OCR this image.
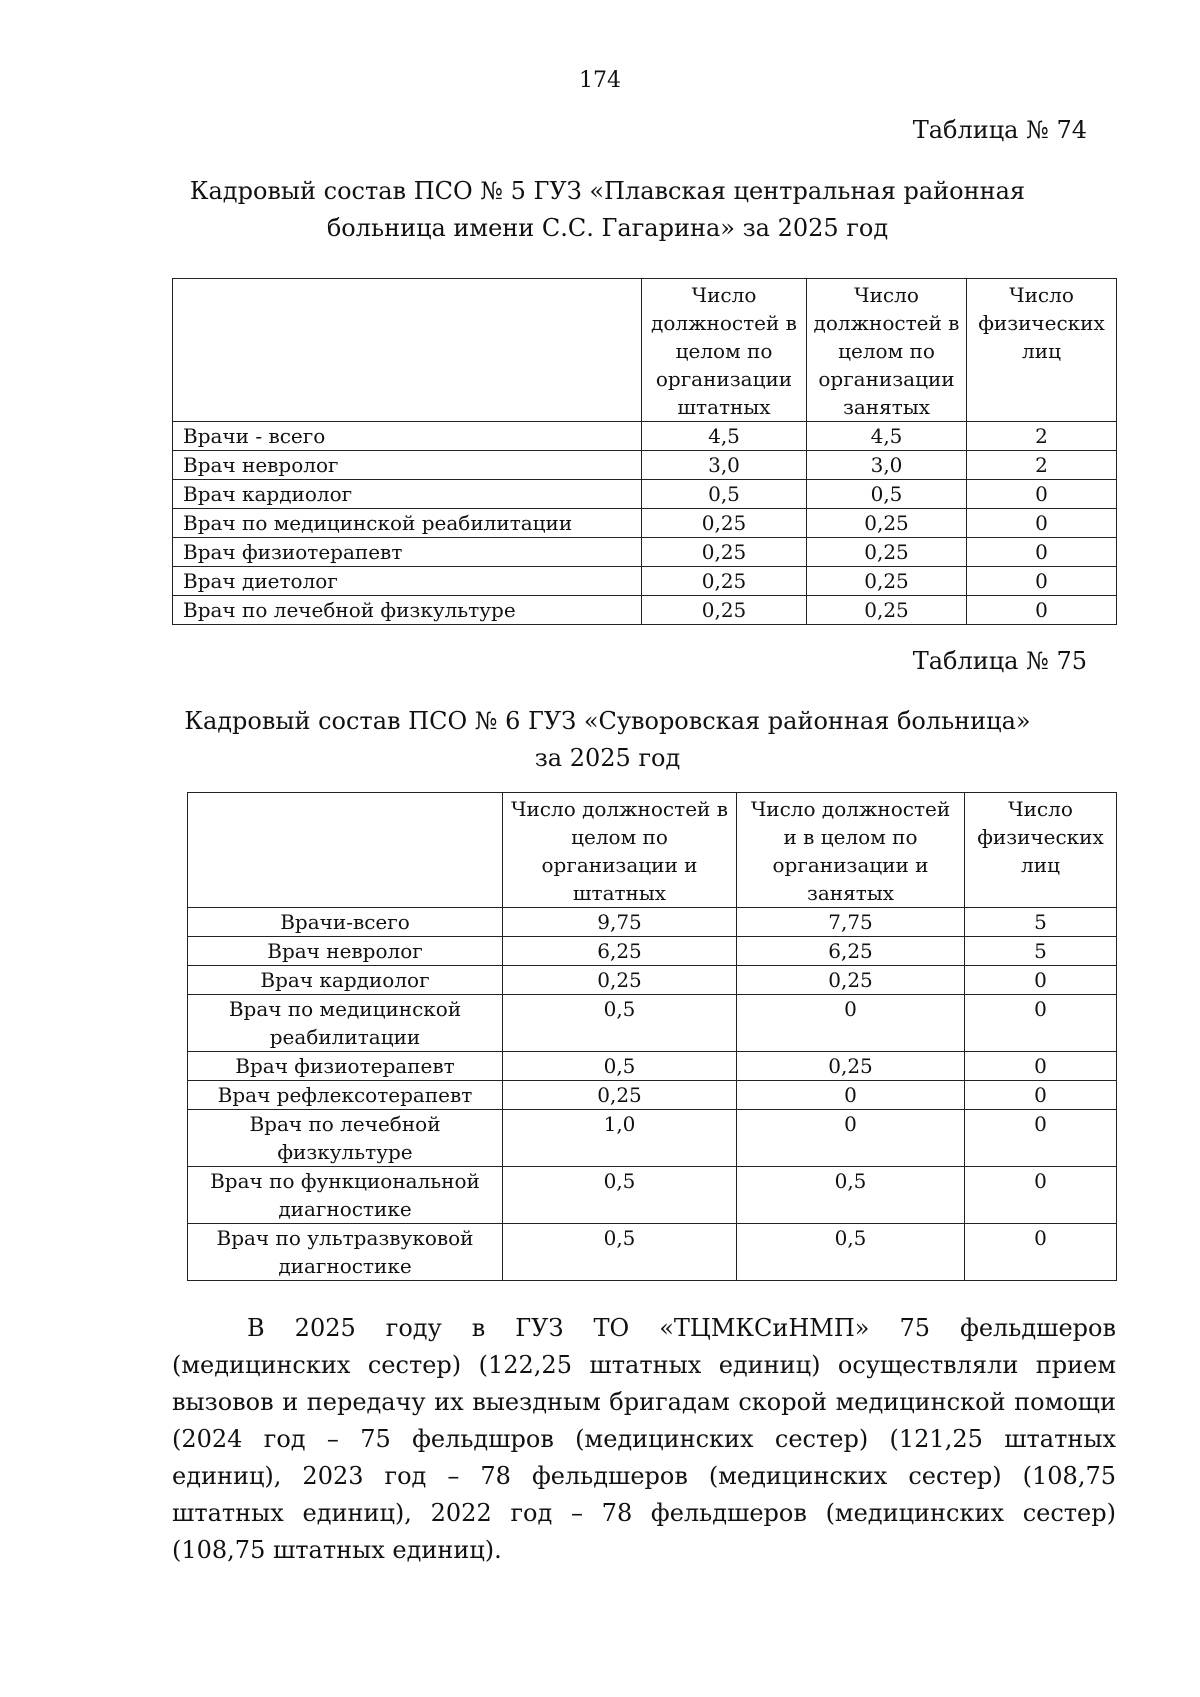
174
Таблица № 74
Кадровый состав ПСО № 5 ГУЗ «Плавская центральная районная
больница имени С.С. Гагарина» за 2025 год
	Число должностей в целом по организации штатных	Число должностей в целом по организации занятых	Число физических лиц
Врачи - всего	4,5	4,5	2
Врач невролог	3,0	3,0	2
Врач кардиолог	0,5	0,5	0
Врач по медицинской реабилитации	0,25	0,25	0
Врач физиотерапевт	0,25	0,25	0
Врач диетолог	0,25	0,25	0
Врач по лечебной физкультуре	0,25	0,25	0
Таблица № 75
Кадровый состав ПСО № 6 ГУЗ «Суворовская районная больница»
за 2025 год
	Число должностей в целом по организации и штатных	Число должностей и в целом по организации и занятых	Число физических лиц
Врачи-всего	9,75	7,75	5
Врач невролог	6,25	6,25	5
Врач кардиолог	0,25	0,25	0
Врач по медицинской реабилитации	0,5	0	0
Врач физиотерапевт	0,5	0,25	0
Врач рефлексотерапевт	0,25	0	0
Врач по лечебной физкультуре	1,0	0	0
Врач по функциональной диагностике	0,5	0,5	0
Врач по ультразвуковой диагностике	0,5	0,5	0
В 2025 году в ГУЗ ТО «ТЦМКСиНМП» 75 фельдшеров (медицинских сестер) (122,25 штатных единиц) осуществляли прием вызовов и передачу их выездным бригадам скорой медицинской помощи (2024 год – 75 фельдшров (медицинских сестер) (121,25 штатных единиц), 2023 год – 78 фельдшеров (медицинских сестер) (108,75 штатных единиц), 2022 год – 78 фельдшеров (медицинских сестер) (108,75 штатных единиц).
